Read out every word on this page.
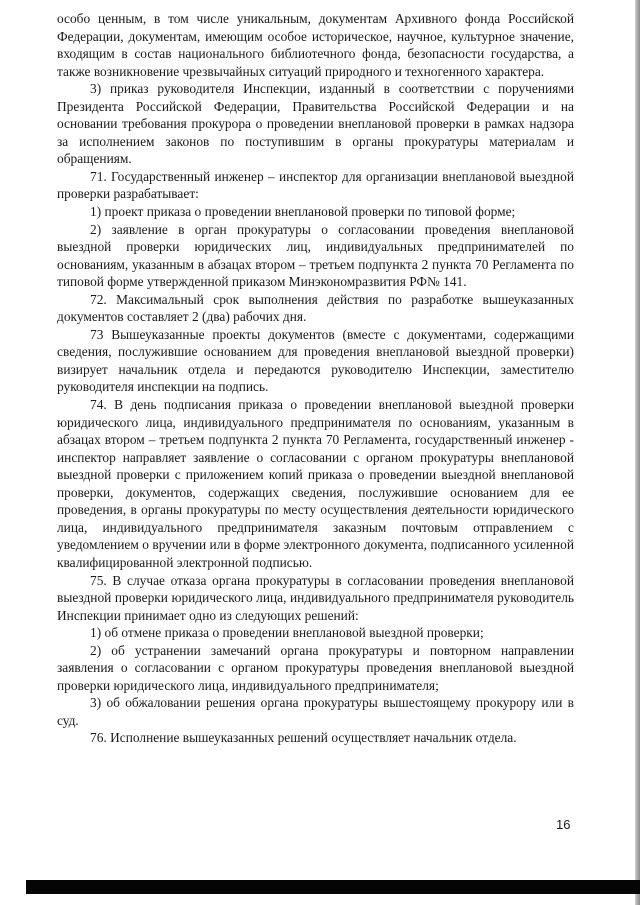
особо ценным, в том числе уникальным, документам Архивного фонда Российской Федерации, документам, имеющим особое историческое, научное, культурное значение, входящим в состав национального библиотечного фонда, безопасности государства, а также возникновение чрезвычайных ситуаций природного и техногенного характера.

3) приказ руководителя Инспекции, изданный в соответствии с поручениями Президента Российской Федерации, Правительства Российской Федерации и на основании требования прокурора о проведении внеплановой проверки в рамках надзора за исполнением законов по поступившим в органы прокуратуры материалам и обращениям.

71. Государственный инженер – инспектор для организации внеплановой выездной проверки разрабатывает:

1) проект приказа о проведении внеплановой проверки по типовой форме;

2) заявление в орган прокуратуры о согласовании проведения внеплановой выездной проверки юридических лиц, индивидуальных предпринимателей по основаниям, указанным в абзацах втором – третьем подпункта 2 пункта 70 Регламента по типовой форме утвержденной приказом Минэкономразвития РФ№ 141.

72. Максимальный срок выполнения действия по разработке вышеуказанных документов составляет 2 (два) рабочих дня.

73 Вышеуказанные проекты документов (вместе с документами, содержащими сведения, послужившие основанием для проведения внеплановой выездной проверки) визирует начальник отдела и передаются руководителю Инспекции, заместителю руководителя инспекции на подпись.

74. В день подписания приказа о проведении внеплановой выездной проверки юридического лица, индивидуального предпринимателя по основаниям, указанным в абзацах втором – третьем подпункта 2 пункта 70 Регламента, государственный инженер - инспектор направляет заявление о согласовании с органом прокуратуры внеплановой выездной проверки с приложением копий приказа о проведении выездной внеплановой проверки, документов, содержащих сведения, послужившие основанием для ее проведения, в органы прокуратуры по месту осуществления деятельности юридического лица, индивидуального предпринимателя заказным почтовым отправлением с уведомлением о вручении или в форме электронного документа, подписанного усиленной квалифицированной электронной подписью.

75. В случае отказа органа прокуратуры в согласовании проведения внеплановой выездной проверки юридического лица, индивидуального предпринимателя руководитель Инспекции принимает одно из следующих решений:

1) об отмене приказа о проведении внеплановой выездной проверки;

2) об устранении замечаний органа прокуратуры и повторном направлении заявления о согласовании с органом прокуратуры проведения внеплановой выездной проверки юридического лица, индивидуального предпринимателя;

3) об обжаловании решения органа прокуратуры вышестоящему прокурору или в суд.

76. Исполнение вышеуказанных решений осуществляет начальник отдела.

16
